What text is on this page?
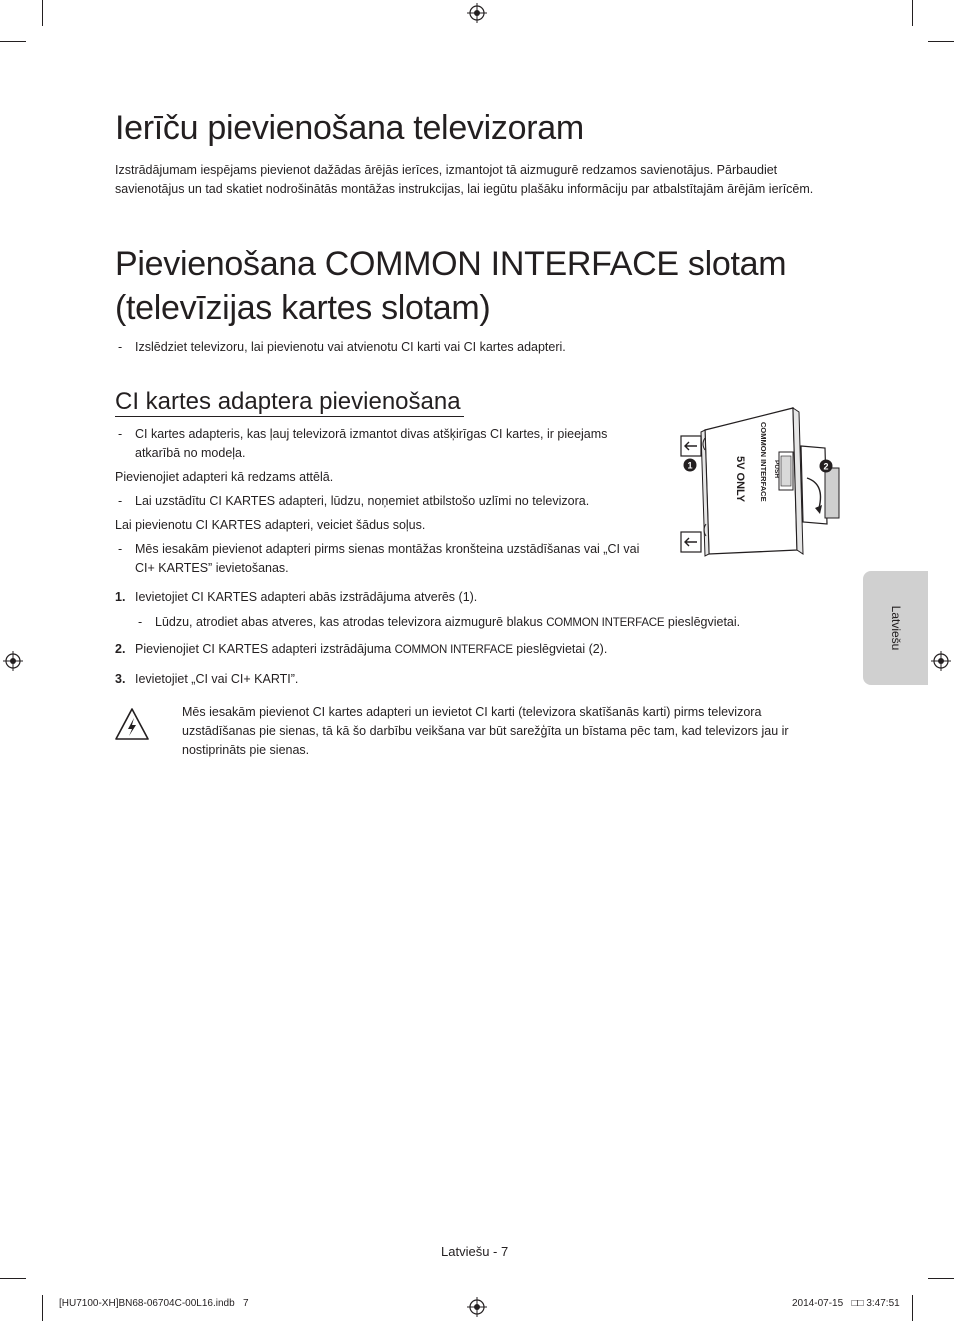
Ierīču pievienošana televizoram

Izstrādājumam iespējams pievienot dažādas ārējās ierīces, izmantojot tā aizmugurē redzamos savienotājus. Pārbaudiet savienotājus un tad skatiet nodrošinātās montāžas instrukcijas, lai iegūtu plašāku informāciju par atbalstītajām ārējām ierīcēm.

Pievienošana COMMON INTERFACE slotam
(televīzijas kartes slotam)
- Izslēdziet televizoru, lai pievienotu vai atvienotu CI karti vai CI kartes adapteri.

CI kartes adaptera pievienošana
- CI kartes adapteris, kas ļauj televizorā izmantot divas atšķirīgas CI kartes, ir pieejams atkarībā no modeļa.

Pievienojiet adapteri kā redzams attēlā.

- Lai uzstādītu CI KARTES adapteri, lūdzu, noņemiet atbilstošo uzlīmi no televizora.

Lai pievienotu CI KARTES adapteri, veiciet šādus soļus.

- Mēs iesakām pievienot adapteri pirms sienas montāžas kronšteina uzstādīšanas vai „CI vai CI+ KARTES” ievietošanas.

1. Ievietojiet CI KARTES adapteri abās izstrādājuma atverēs (1).

- Lūdzu, atrodiet abas atveres, kas atrodas televizora aizmugurē blakus COMMON INTERFACE pieslēgvietai.

2. Pievienojiet CI KARTES adapteri izstrādājuma COMMON INTERFACE pieslēgvietai (2).

3. Ievietojiet „CI vai CI+ KARTI”.

Mēs iesakām pievienot CI kartes adapteri un ievietot CI karti (televizora skatīšanās karti) pirms televizora uzstādīšanas pie sienas, tā kā šo darbību veikšana var būt sarežģīta un bīstama pēc tam, kad televizors jau ir nostiprināts pie sienas.

COMMON INTERFACE PUSH
5V ONLY
1	2
Latviešu
Latviešu - 7
[HU7100-XH]BN68-06704C-00L16.indb   7	2014-07-15   □□ 3:47:51
